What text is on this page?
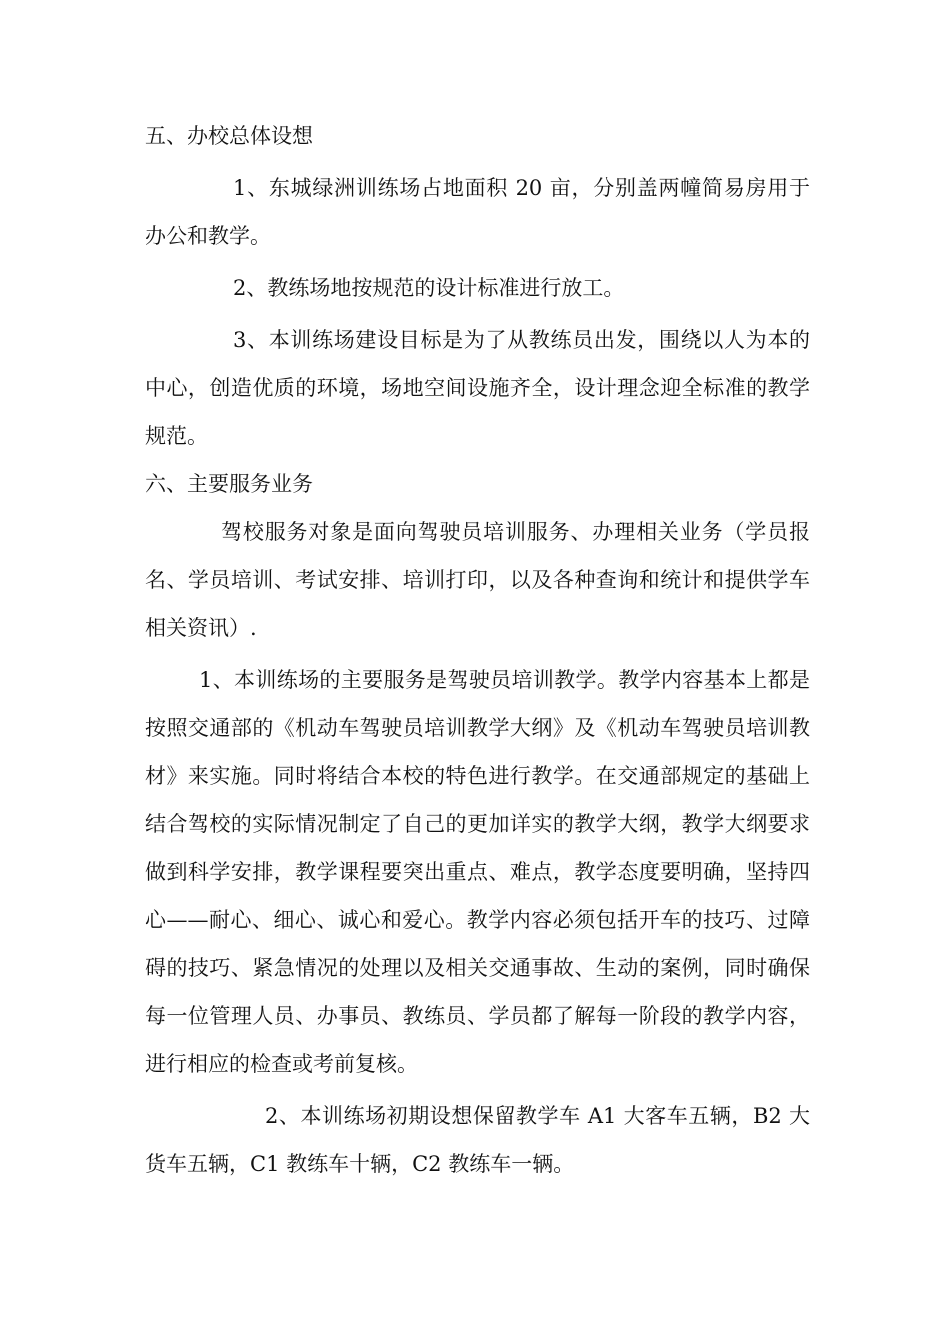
五、办校总体设想

1、东城绿洲训练场占地面积 20 亩，分别盖两幢简易房用于办公和教学。

2、教练场地按规范的设计标准进行放工。

3、本训练场建设目标是为了从教练员出发，围绕以人为本的中心，创造优质的环境，场地空间设施齐全，设计理念迎全标准的教学规范。

六、主要服务业务

驾校服务对象是面向驾驶员培训服务、办理相关业务（学员报名、学员培训、考试安排、培训打印，以及各种查询和统计和提供学车相关资讯）.

1、本训练场的主要服务是驾驶员培训教学。教学内容基本上都是按照交通部的《机动车驾驶员培训教学大纲》及《机动车驾驶员培训教材》来实施。同时将结合本校的特色进行教学。在交通部规定的基础上结合驾校的实际情况制定了自己的更加详实的教学大纲，教学大纲要求做到科学安排，教学课程要突出重点、难点，教学态度要明确，坚持四心——耐心、细心、诚心和爱心。教学内容必须包括开车的技巧、过障碍的技巧、紧急情况的处理以及相关交通事故、生动的案例，同时确保每一位管理人员、办事员、教练员、学员都了解每一阶段的教学内容，进行相应的检查或考前复核。

2、本训练场初期设想保留教学车 A1 大客车五辆，B2 大货车五辆，C1 教练车十辆，C2 教练车一辆。
